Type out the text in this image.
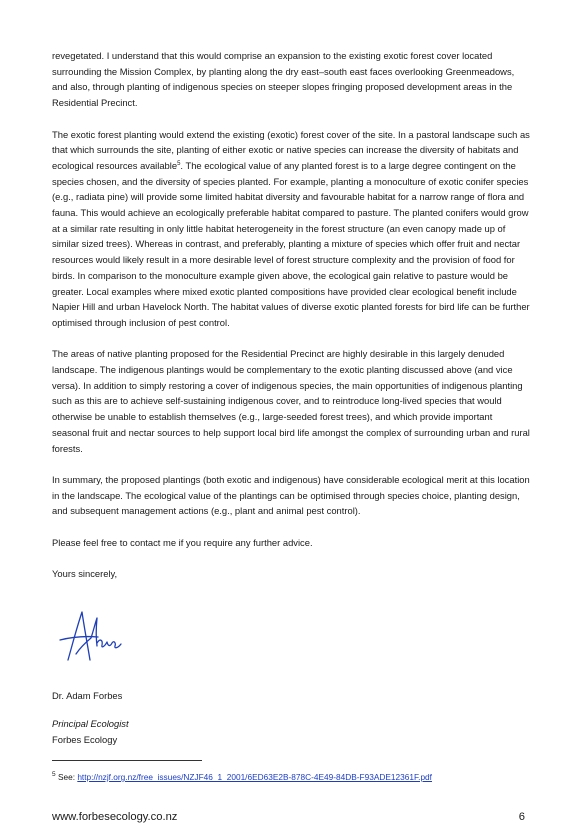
revegetated. I understand that this would comprise an expansion to the existing exotic forest cover located surrounding the Mission Complex, by planting along the dry east–south east faces overlooking Greenmeadows, and also, through planting of indigenous species on steeper slopes fringing proposed development areas in the Residential Precinct.

The exotic forest planting would extend the existing (exotic) forest cover of the site. In a pastoral landscape such as that which surrounds the site, planting of either exotic or native species can increase the diversity of habitats and ecological resources available$^5$. The ecological value of any planted forest is to a large degree contingent on the species chosen, and the diversity of species planted. For example, planting a monoculture of exotic conifer species (e.g., radiata pine) will provide some limited habitat diversity and favourable habitat for a narrow range of flora and fauna. This would achieve an ecologically preferable habitat compared to pasture. The planted conifers would grow at a similar rate resulting in only little habitat heterogeneity in the forest structure (an even canopy made up of similar sized trees). Whereas in contrast, and preferably, planting a mixture of species which offer fruit and nectar resources would likely result in a more desirable level of forest structure complexity and the provision of food for birds. In comparison to the monoculture example given above, the ecological gain relative to pasture would be greater. Local examples where mixed exotic planted compositions have provided clear ecological benefit include Napier Hill and urban Havelock North. The habitat values of diverse exotic planted forests for bird life can be further optimised through inclusion of pest control.

The areas of native planting proposed for the Residential Precinct are highly desirable in this largely denuded landscape. The indigenous plantings would be complementary to the exotic planting discussed above (and vice versa). In addition to simply restoring a cover of indigenous species, the main opportunities of indigenous planting such as this are to achieve self-sustaining indigenous cover, and to reintroduce long-lived species that would otherwise be unable to establish themselves (e.g., large-seeded forest trees), and which provide important seasonal fruit and nectar sources to help support local bird life amongst the complex of surrounding urban and rural forests.

In summary, the proposed plantings (both exotic and indigenous) have considerable ecological merit at this location in the landscape. The ecological value of the plantings can be optimised through species choice, planting design, and subsequent management actions (e.g., plant and animal pest control).

Please feel free to contact me if you require any further advice.

Yours sincerely,

Dr. Adam Forbes
Principal Ecologist
Forbes Ecology
$^5$ See: http://nzjf.org.nz/free_issues/NZJF46_1_2001/6ED63E2B-878C-4E49-84DB-F93ADE12361F.pdf
www.forbesecology.co.nz	6
